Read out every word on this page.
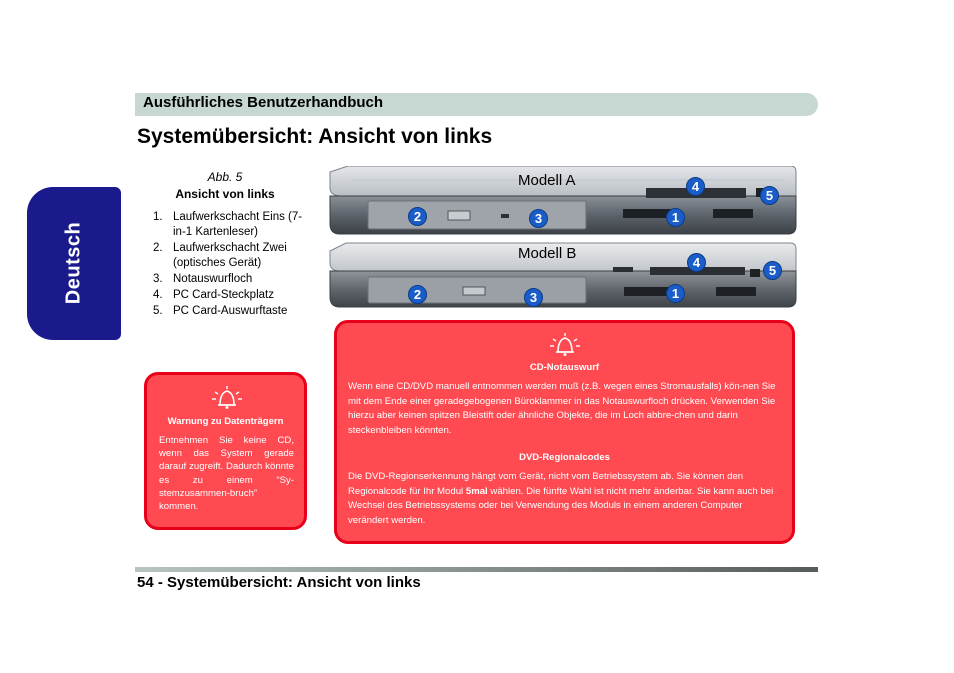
Ausführliches Benutzerhandbuch
Systemübersicht: Ansicht von links
Deutsch
Abb. 5
Ansicht von links
1. Laufwerkschacht Eins (7-in-1 Kartenleser)
2. Laufwerkschacht Zwei (optisches Gerät)
3. Notauswurfloch
4. PC Card-Steckplatz
5. PC Card-Auswurftaste
Modell A
1
2	3
4
5
Modell B
1
2	3
4
5
Warnung zu Datenträgern
Entnehmen Sie keine CD, wenn das System gerade darauf zugreift. Dadurch könnte es zu einem “Sy-stemzusammen-bruch” kommen.
CD-Notauswurf
Wenn eine CD/DVD manuell entnommen werden muß (z.B. wegen eines Stromausfalls) kön-nen Sie mit dem Ende einer geradegebogenen Büroklammer in das Notauswurfloch drücken. Verwenden Sie hierzu aber keinen spitzen Bleistift oder ähnliche Objekte, die im Loch abbre-chen und darin steckenbleiben könnten.
DVD-Regionalcodes
Die DVD-Regionserkennung hängt vom Gerät, nicht vom Betriebssystem ab. Sie können den Regionalcode für Ihr Modul 5mal wählen. Die fünfte Wahl ist nicht mehr änderbar. Sie kann auch bei Wechsel des Betriebssystems oder bei Verwendung des Moduls in einem anderen Computer verändert werden.
54 - Systemübersicht: Ansicht von links
